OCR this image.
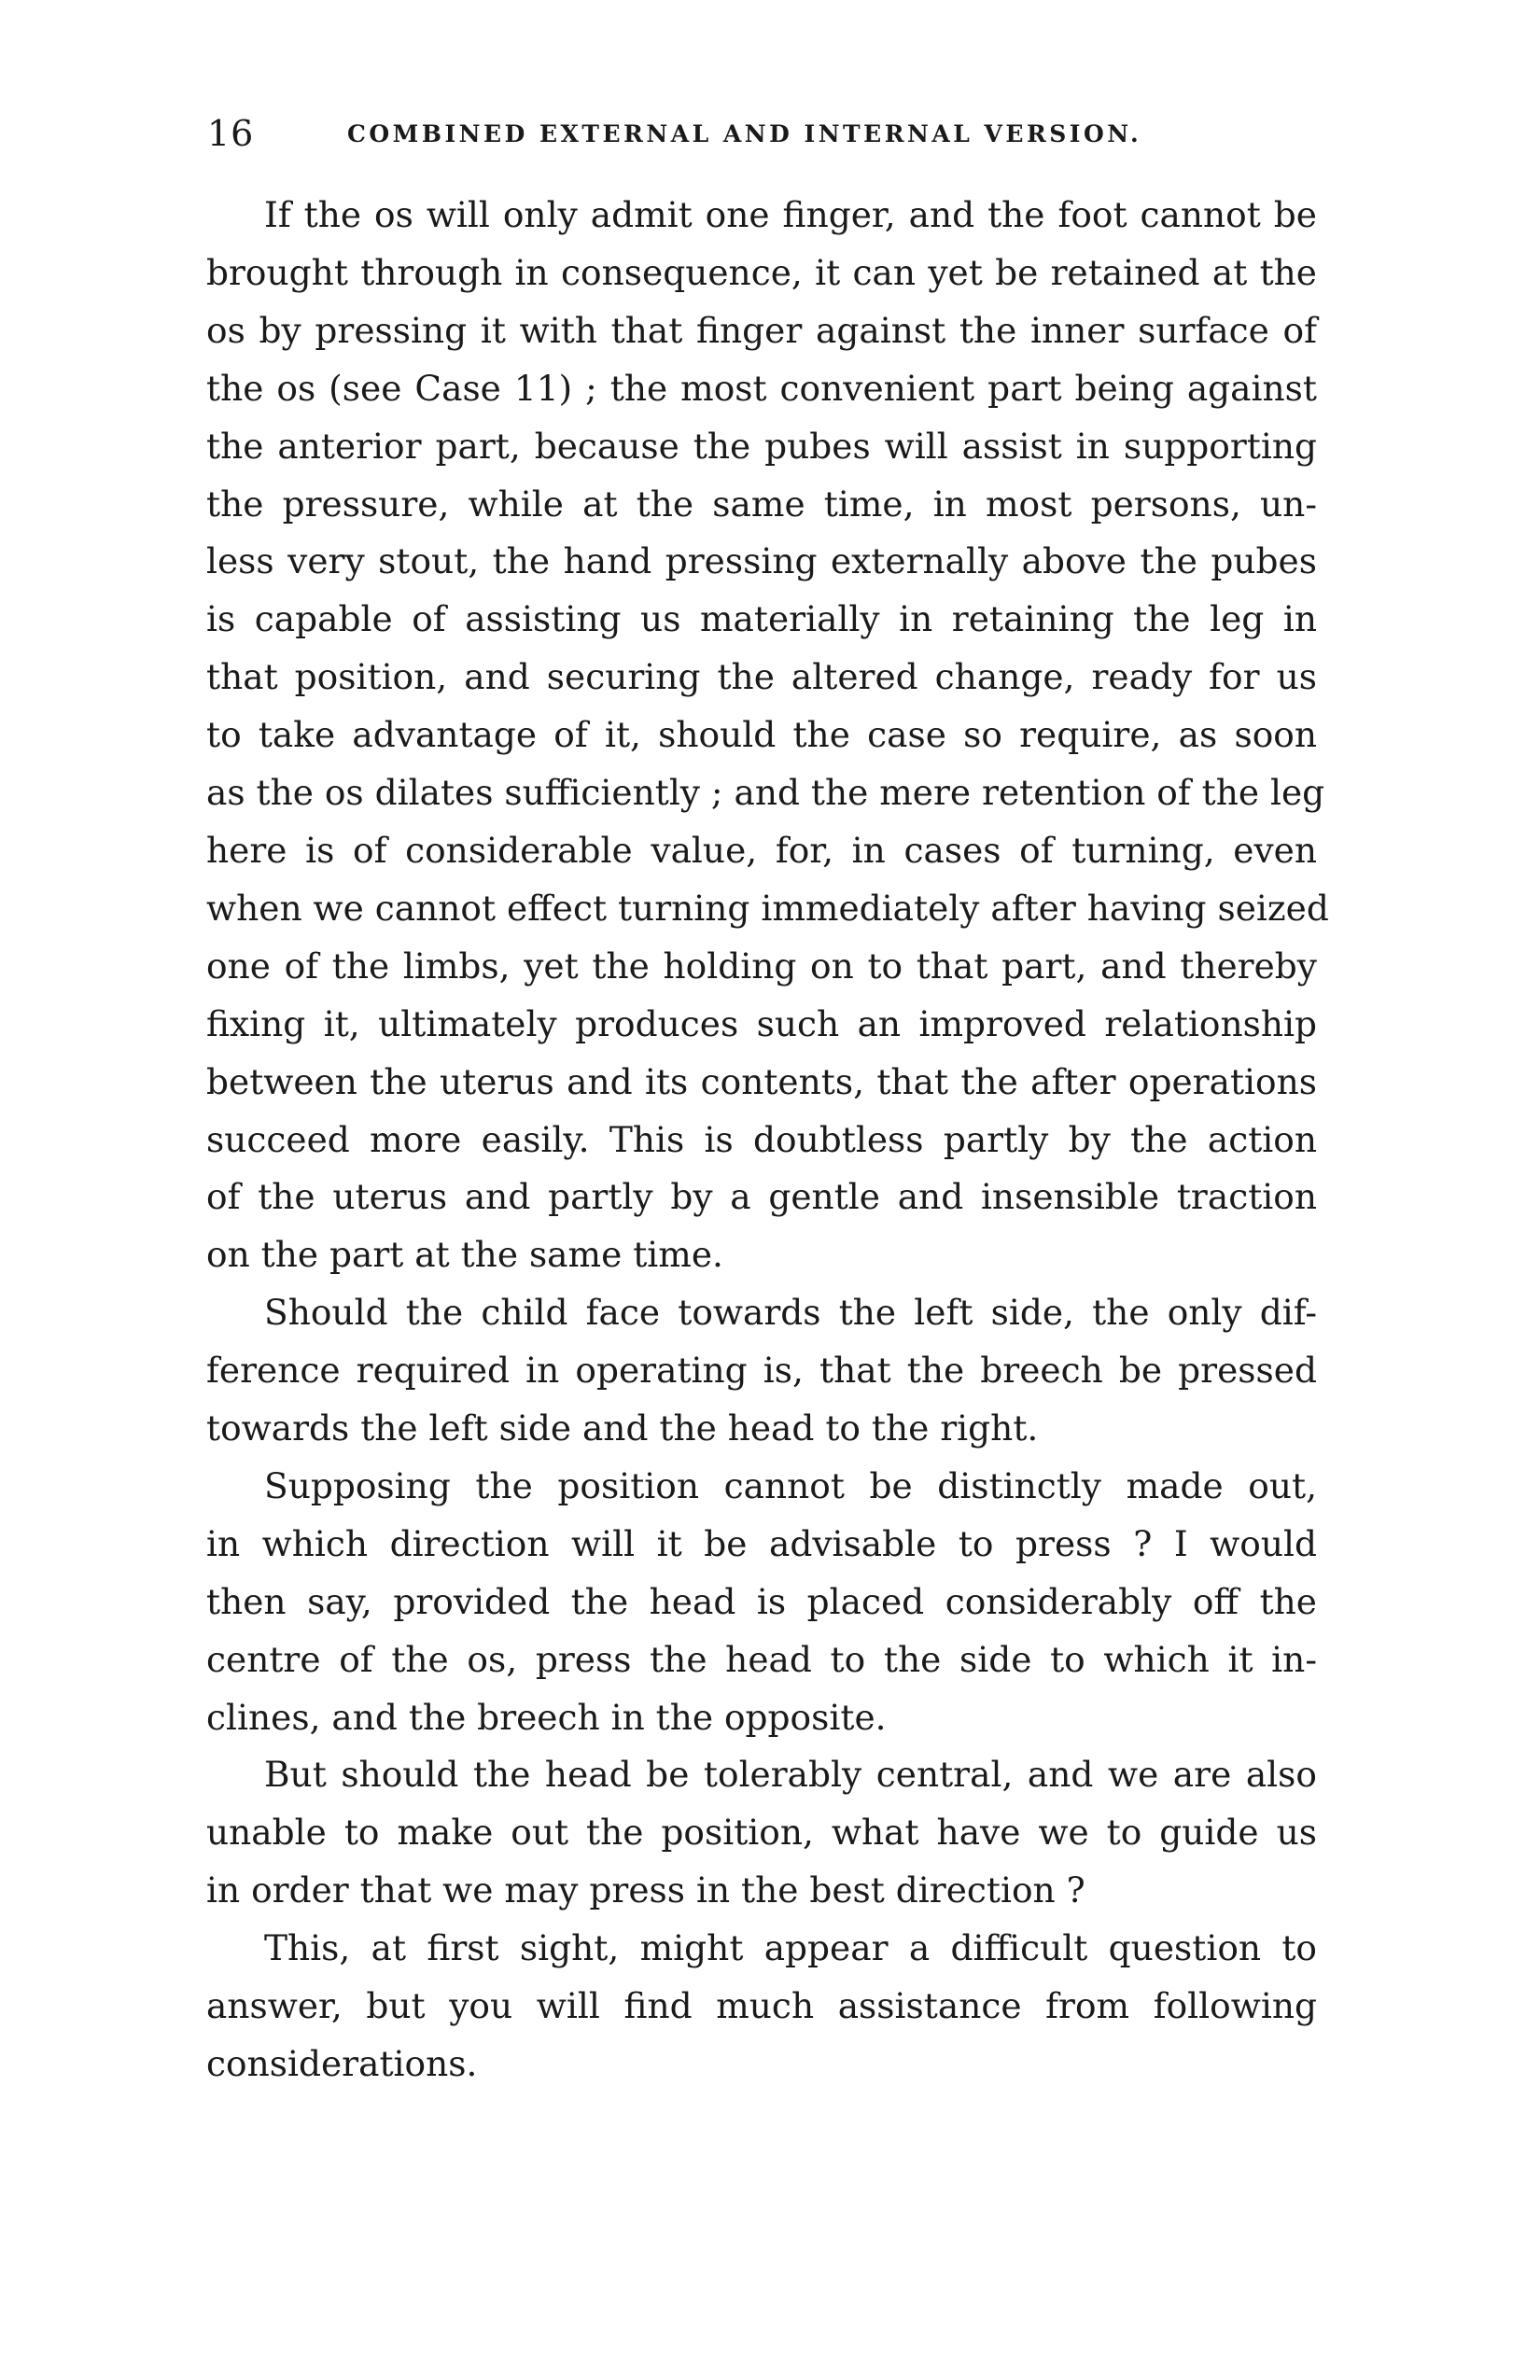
16	COMBINED EXTERNAL AND INTERNAL VERSION.

If the os will only admit one finger, and the foot cannot be
brought through in consequence, it can yet be retained at the
os by pressing it with that finger against the inner surface of
the os (see Case 11) ; the most convenient part being against
the anterior part, because the pubes will assist in supporting
the pressure, while at the same time, in most persons, un-
less very stout, the hand pressing externally above the pubes
is capable of assisting us materially in retaining the leg in
that position, and securing the altered change, ready for us
to take advantage of it, should the case so require, as soon
as the os dilates sufficiently ; and the mere retention of the leg
here is of considerable value, for, in cases of turning, even
when we cannot effect turning immediately after having seized
one of the limbs, yet the holding on to that part, and thereby
fixing it, ultimately produces such an improved relationship
between the uterus and its contents, that the after operations
succeed more easily. This is doubtless partly by the action
of the uterus and partly by a gentle and insensible traction
on the part at the same time.

Should the child face towards the left side, the only dif-
ference required in operating is, that the breech be pressed
towards the left side and the head to the right.

Supposing the position cannot be distinctly made out,
in which direction will it be advisable to press ? I would
then say, provided the head is placed considerably off the
centre of the os, press the head to the side to which it in-
clines, and the breech in the opposite.

But should the head be tolerably central, and we are also
unable to make out the position, what have we to guide us
in order that we may press in the best direction ?

This, at first sight, might appear a difficult question to
answer, but you will find much assistance from following
considerations.
